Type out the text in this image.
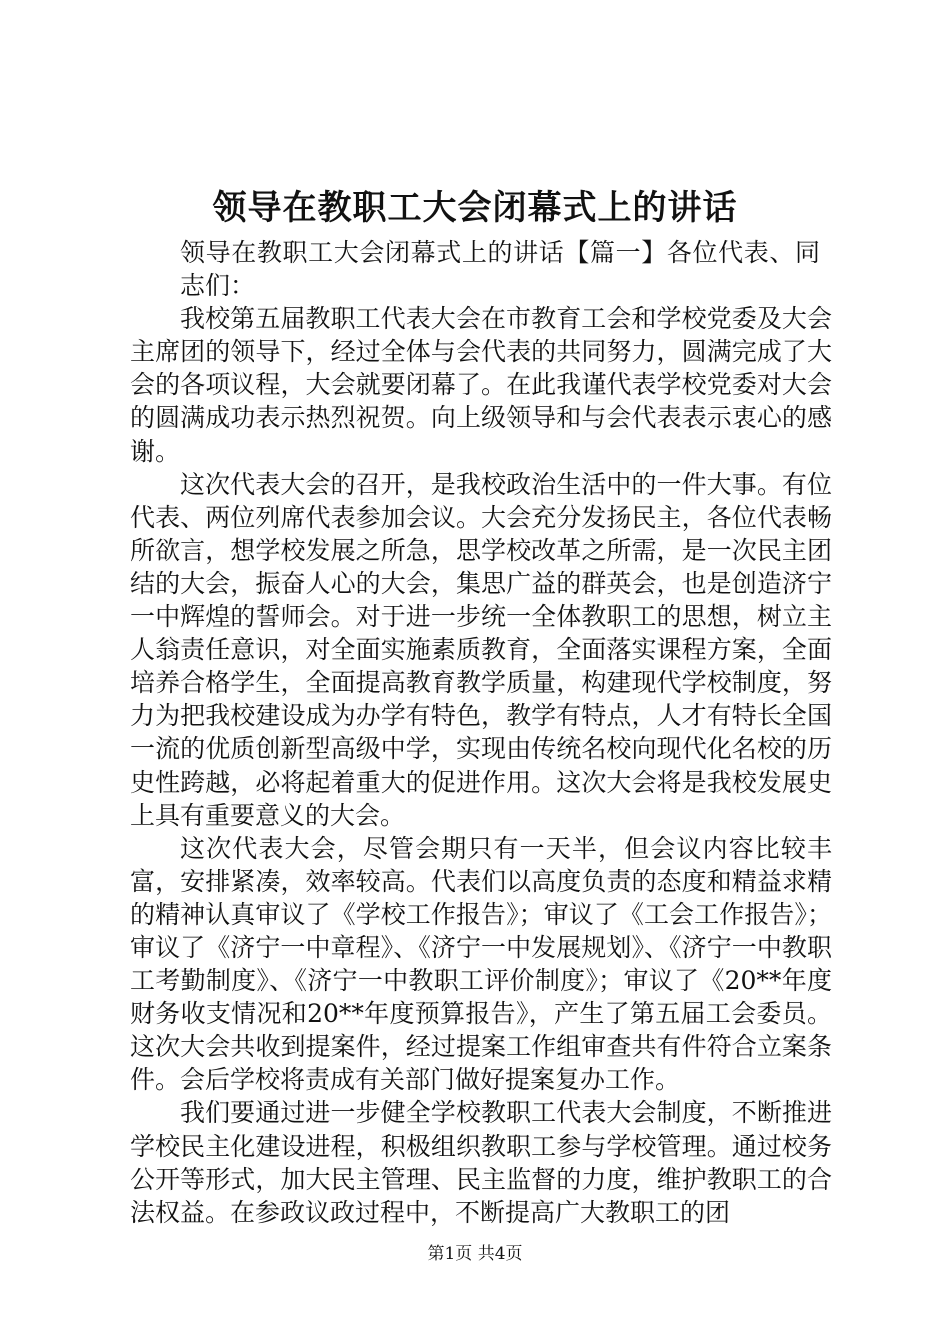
领导在教职工大会闭幕式上的讲话

领导在教职工大会闭幕式上的讲话【篇一】各位代表、同志们：

我校第五届教职工代表大会在市教育工会和学校党委及大会主席团的领导下，经过全体与会代表的共同努力，圆满完成了大会的各项议程，大会就要闭幕了。在此我谨代表学校党委对大会的圆满成功表示热烈祝贺。向上级领导和与会代表表示衷心的感谢。

这次代表大会的召开，是我校政治生活中的一件大事。有位代表、两位列席代表参加会议。大会充分发扬民主，各位代表畅所欲言，想学校发展之所急，思学校改革之所需，是一次民主团结的大会，振奋人心的大会，集思广益的群英会，也是创造济宁一中辉煌的誓师会。对于进一步统一全体教职工的思想，树立主人翁责任意识，对全面实施素质教育，全面落实课程方案，全面培养合格学生，全面提高教育教学质量，构建现代学校制度，努力为把我校建设成为办学有特色，教学有特点，人才有特长全国一流的优质创新型高级中学，实现由传统名校向现代化名校的历史性跨越，必将起着重大的促进作用。这次大会将是我校发展史上具有重要意义的大会。

这次代表大会，尽管会期只有一天半，但会议内容比较丰富，安排紧凑，效率较高。代表们以高度负责的态度和精益求精的精神认真审议了《学校工作报告》；审议了《工会工作报告》；审议了《济宁一中章程》、《济宁一中发展规划》、《济宁一中教职工考勤制度》、《济宁一中教职工评价制度》；审议了《20**年度财务收支情况和20**年度预算报告》，产生了第五届工会委员。这次大会共收到提案件，经过提案工作组审查共有件符合立案条件。会后学校将责成有关部门做好提案复办工作。

我们要通过进一步健全学校教职工代表大会制度，不断推进学校民主化建设进程，积极组织教职工参与学校管理。通过校务公开等形式，加大民主管理、民主监督的力度，维护教职工的合法权益。在参政议政过程中，不断提高广大教职工的团

第1页 共4页
